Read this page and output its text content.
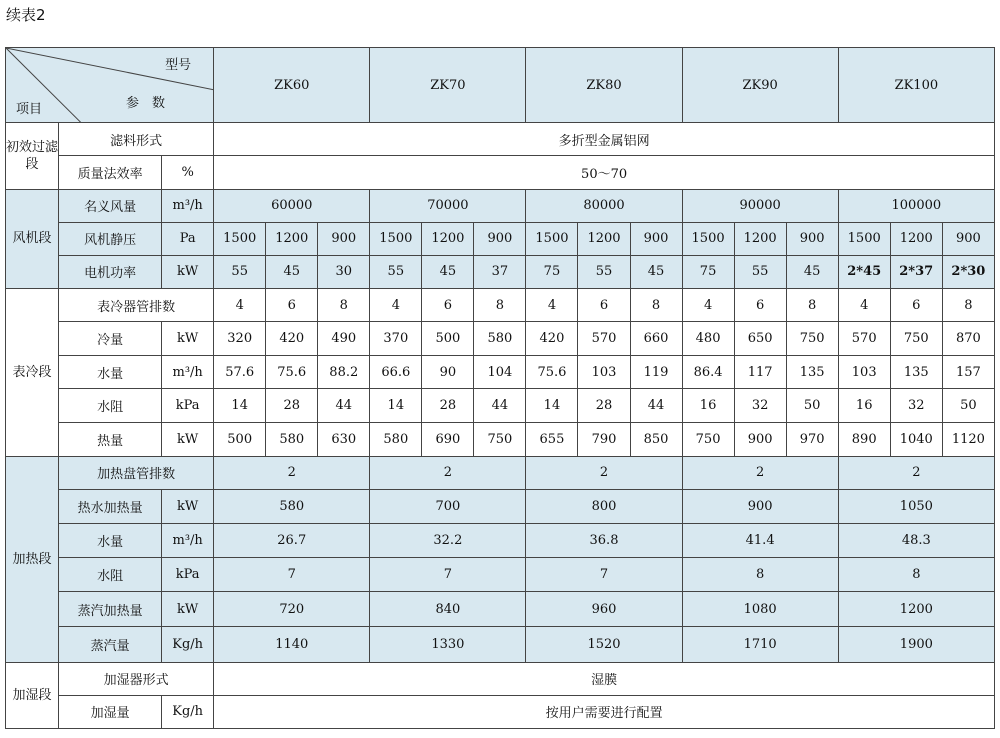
续表2
型号
参　数
项目			ZK60			ZK70			ZK80			ZK90			ZK100		
初效过滤段	滤料形式		多折型金属铝网														
	质量法效率	%	50～70														
风机段	名义风量	m³/h	60000			70000			80000			90000			100000		
	风机静压	Pa	1500	1200	900	1500	1200	900	1500	1200	900	1500	1200	900	1500	1200	900
	电机功率	kW	55	45	30	55	45	37	75	55	45	75	55	45	2*45	2*37	2*30
表冷段	表冷器管排数		4	6	8	4	6	8	4	6	8	4	6	8	4	6	8
	冷量	kW	320	420	490	370	500	580	420	570	660	480	650	750	570	750	870
	水量	m³/h	57.6	75.6	88.2	66.6	90	104	75.6	103	119	86.4	117	135	103	135	157
	水阻	kPa	14	28	44	14	28	44	14	28	44	16	32	50	16	32	50
	热量	kW	500	580	630	580	690	750	655	790	850	750	900	970	890	1040	1120
加热段	加热盘管排数		2			2			2			2			2		
	热水加热量	kW	580			700			800			900			1050		
	水量	m³/h	26.7			32.2			36.8			41.4			48.3		
	水阻	kPa	7			7			7			8			8		
	蒸汽加热量	kW	720			840			960			1080			1200		
	蒸汽量	Kg/h	1140			1330			1520			1710			1900		
加湿段	加湿器形式		湿膜														
	加湿量	Kg/h	按用户需要进行配置														
